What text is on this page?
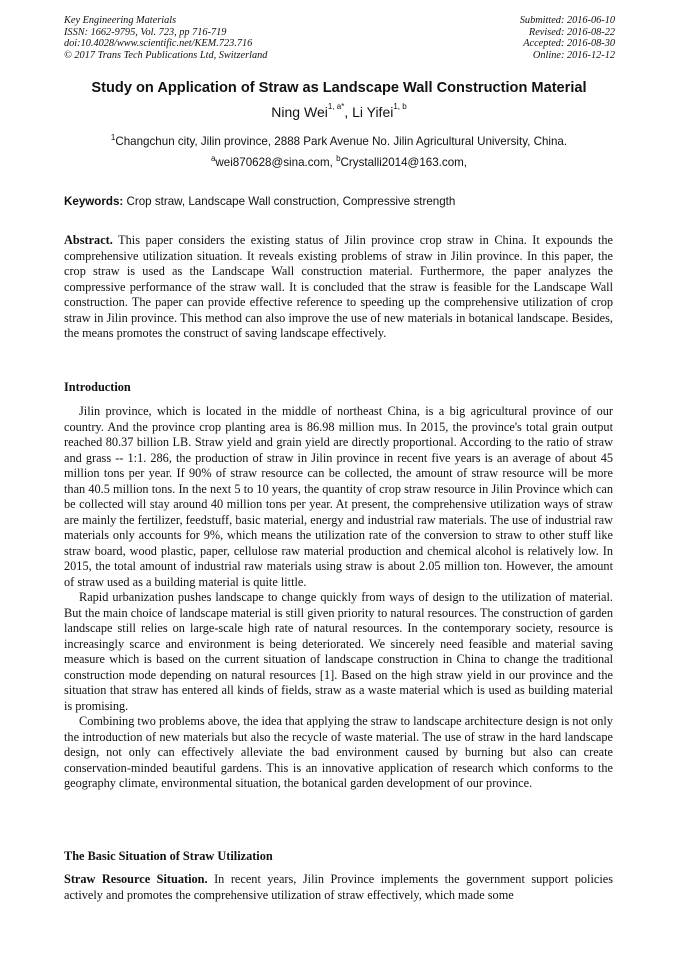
Key Engineering Materials
ISSN: 1662-9795, Vol. 723, pp 716-719
doi:10.4028/www.scientific.net/KEM.723.716
© 2017 Trans Tech Publications Ltd, Switzerland
Submitted: 2016-06-10
Revised: 2016-08-22
Accepted: 2016-08-30
Online: 2016-12-12
Study on Application of Straw as Landscape Wall Construction Material
Ning Wei$^{1, a*}$, Li Yifei$^{1, b}$
$^1$Changchun city, Jilin province, 2888 Park Avenue No. Jilin Agricultural University, China.
$^a$wei870628@sina.com, $^b$Crystalli2014@163.com,
Keywords: Crop straw, Landscape Wall construction, Compressive strength

Abstract. This paper considers the existing status of Jilin province crop straw in China. It expounds the comprehensive utilization situation. It reveals existing problems of straw in Jilin province. In this paper, the crop straw is used as the Landscape Wall construction material. Furthermore, the paper analyzes the compressive performance of the straw wall. It is concluded that the straw is feasible for the Landscape Wall construction. The paper can provide effective reference to speeding up the comprehensive utilization of crop straw in Jilin province. This method can also improve the use of new materials in botanical landscape. Besides, the means promotes the construct of saving landscape effectively.

Introduction

Jilin province, which is located in the middle of northeast China, is a big agricultural province of our country. And the province crop planting area is 86.98 million mus. In 2015, the province's total grain output reached 80.37 billion LB. Straw yield and grain yield are directly proportional. According to the ratio of straw and grass -- 1:1. 286, the production of straw in Jilin province in recent five years is an average of about 45 million tons per year. If 90% of straw resource can be collected, the amount of straw resource will be more than 40.5 million tons. In the next 5 to 10 years, the quantity of crop straw resource in Jilin Province which can be collected will stay around 40 million tons per year. At present, the comprehensive utilization ways of straw are mainly the fertilizer, feedstuff, basic material, energy and industrial raw materials. The use of industrial raw materials only accounts for 9%, which means the utilization rate of the conversion to straw to other stuff like straw board, wood plastic, paper, cellulose raw material production and chemical alcohol is relatively low. In 2015, the total amount of industrial raw materials using straw is about 2.05 million ton. However, the amount of straw used as a building material is quite little.

Rapid urbanization pushes landscape to change quickly from ways of design to the utilization of material. But the main choice of landscape material is still given priority to natural resources. The construction of garden landscape still relies on large-scale high rate of natural resources. In the contemporary society, resource is increasingly scarce and environment is being deteriorated. We sincerely need feasible and material saving measure which is based on the current situation of landscape construction in China to change the traditional construction mode depending on natural resources [1]. Based on the high straw yield in our province and the situation that straw has entered all kinds of fields, straw as a waste material which is used as building material is promising.

Combining two problems above, the idea that applying the straw to landscape architecture design is not only the introduction of new materials but also the recycle of waste material. The use of straw in the hard landscape design, not only can effectively alleviate the bad environment caused by burning but also can create conservation-minded beautiful gardens. This is an innovative application of research which conforms to the geography climate, environmental situation, the botanical garden development of our province.

The Basic Situation of Straw Utilization

Straw Resource Situation. In recent years, Jilin Province implements the government support policies actively and promotes the comprehensive utilization of straw effectively, which made some
